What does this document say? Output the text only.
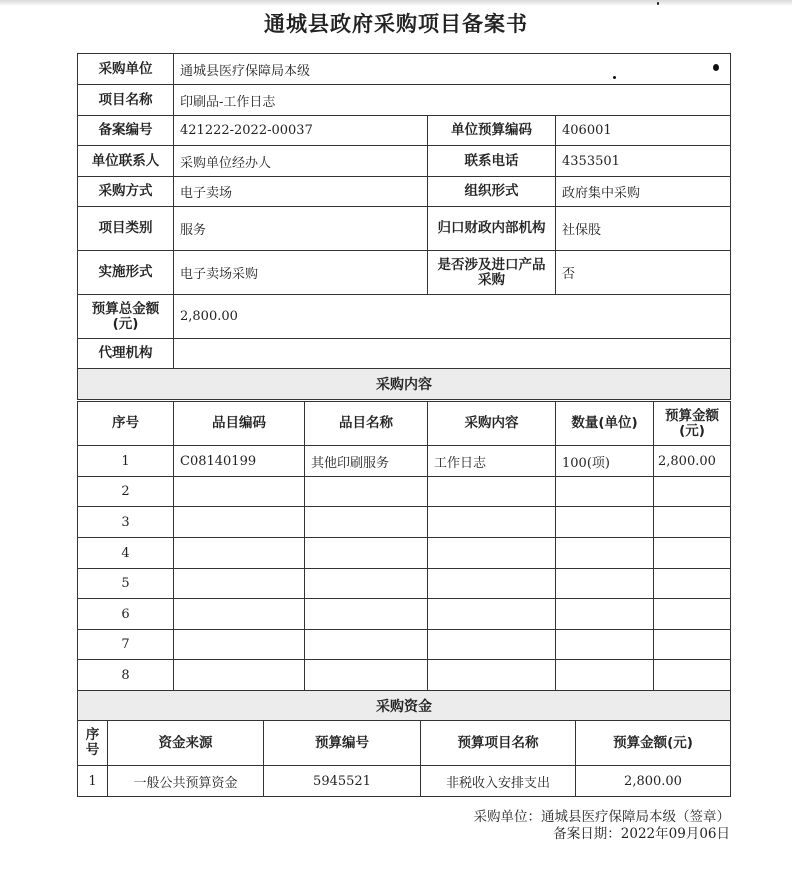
通城县政府采购项目备案书
采购单位	通城县医疗保障局本级		
项目名称	印刷品-工作日志		
备案编号	421222-2022-00037	单位预算编码	406001
单位联系人	采购单位经办人	联系电话	4353501
采购方式	电子卖场	组织形式	政府集中采购
项目类别	服务	归口财政内部机构	社保股
实施形式	电子卖场采购	是否涉及进口产品采购	否
预算总金额(元)	2,800.00		
代理机构			
采购内容			
序号	品目编码	品目名称	采购内容	数量(单位)	预算金额(元)
1	C08140199	其他印刷服务	工作日志	100(项)	2,800.00
2					
3					
4					
5					
6					
7					
8					
采购资金					
序号	资金来源	预算编号	预算项目名称	预算金额(元)
1	一般公共预算资金	5945521	非税收入安排支出	2,800.00
采购单位：通城县医疗保障局本级（签章）
备案日期：2022年09月06日
